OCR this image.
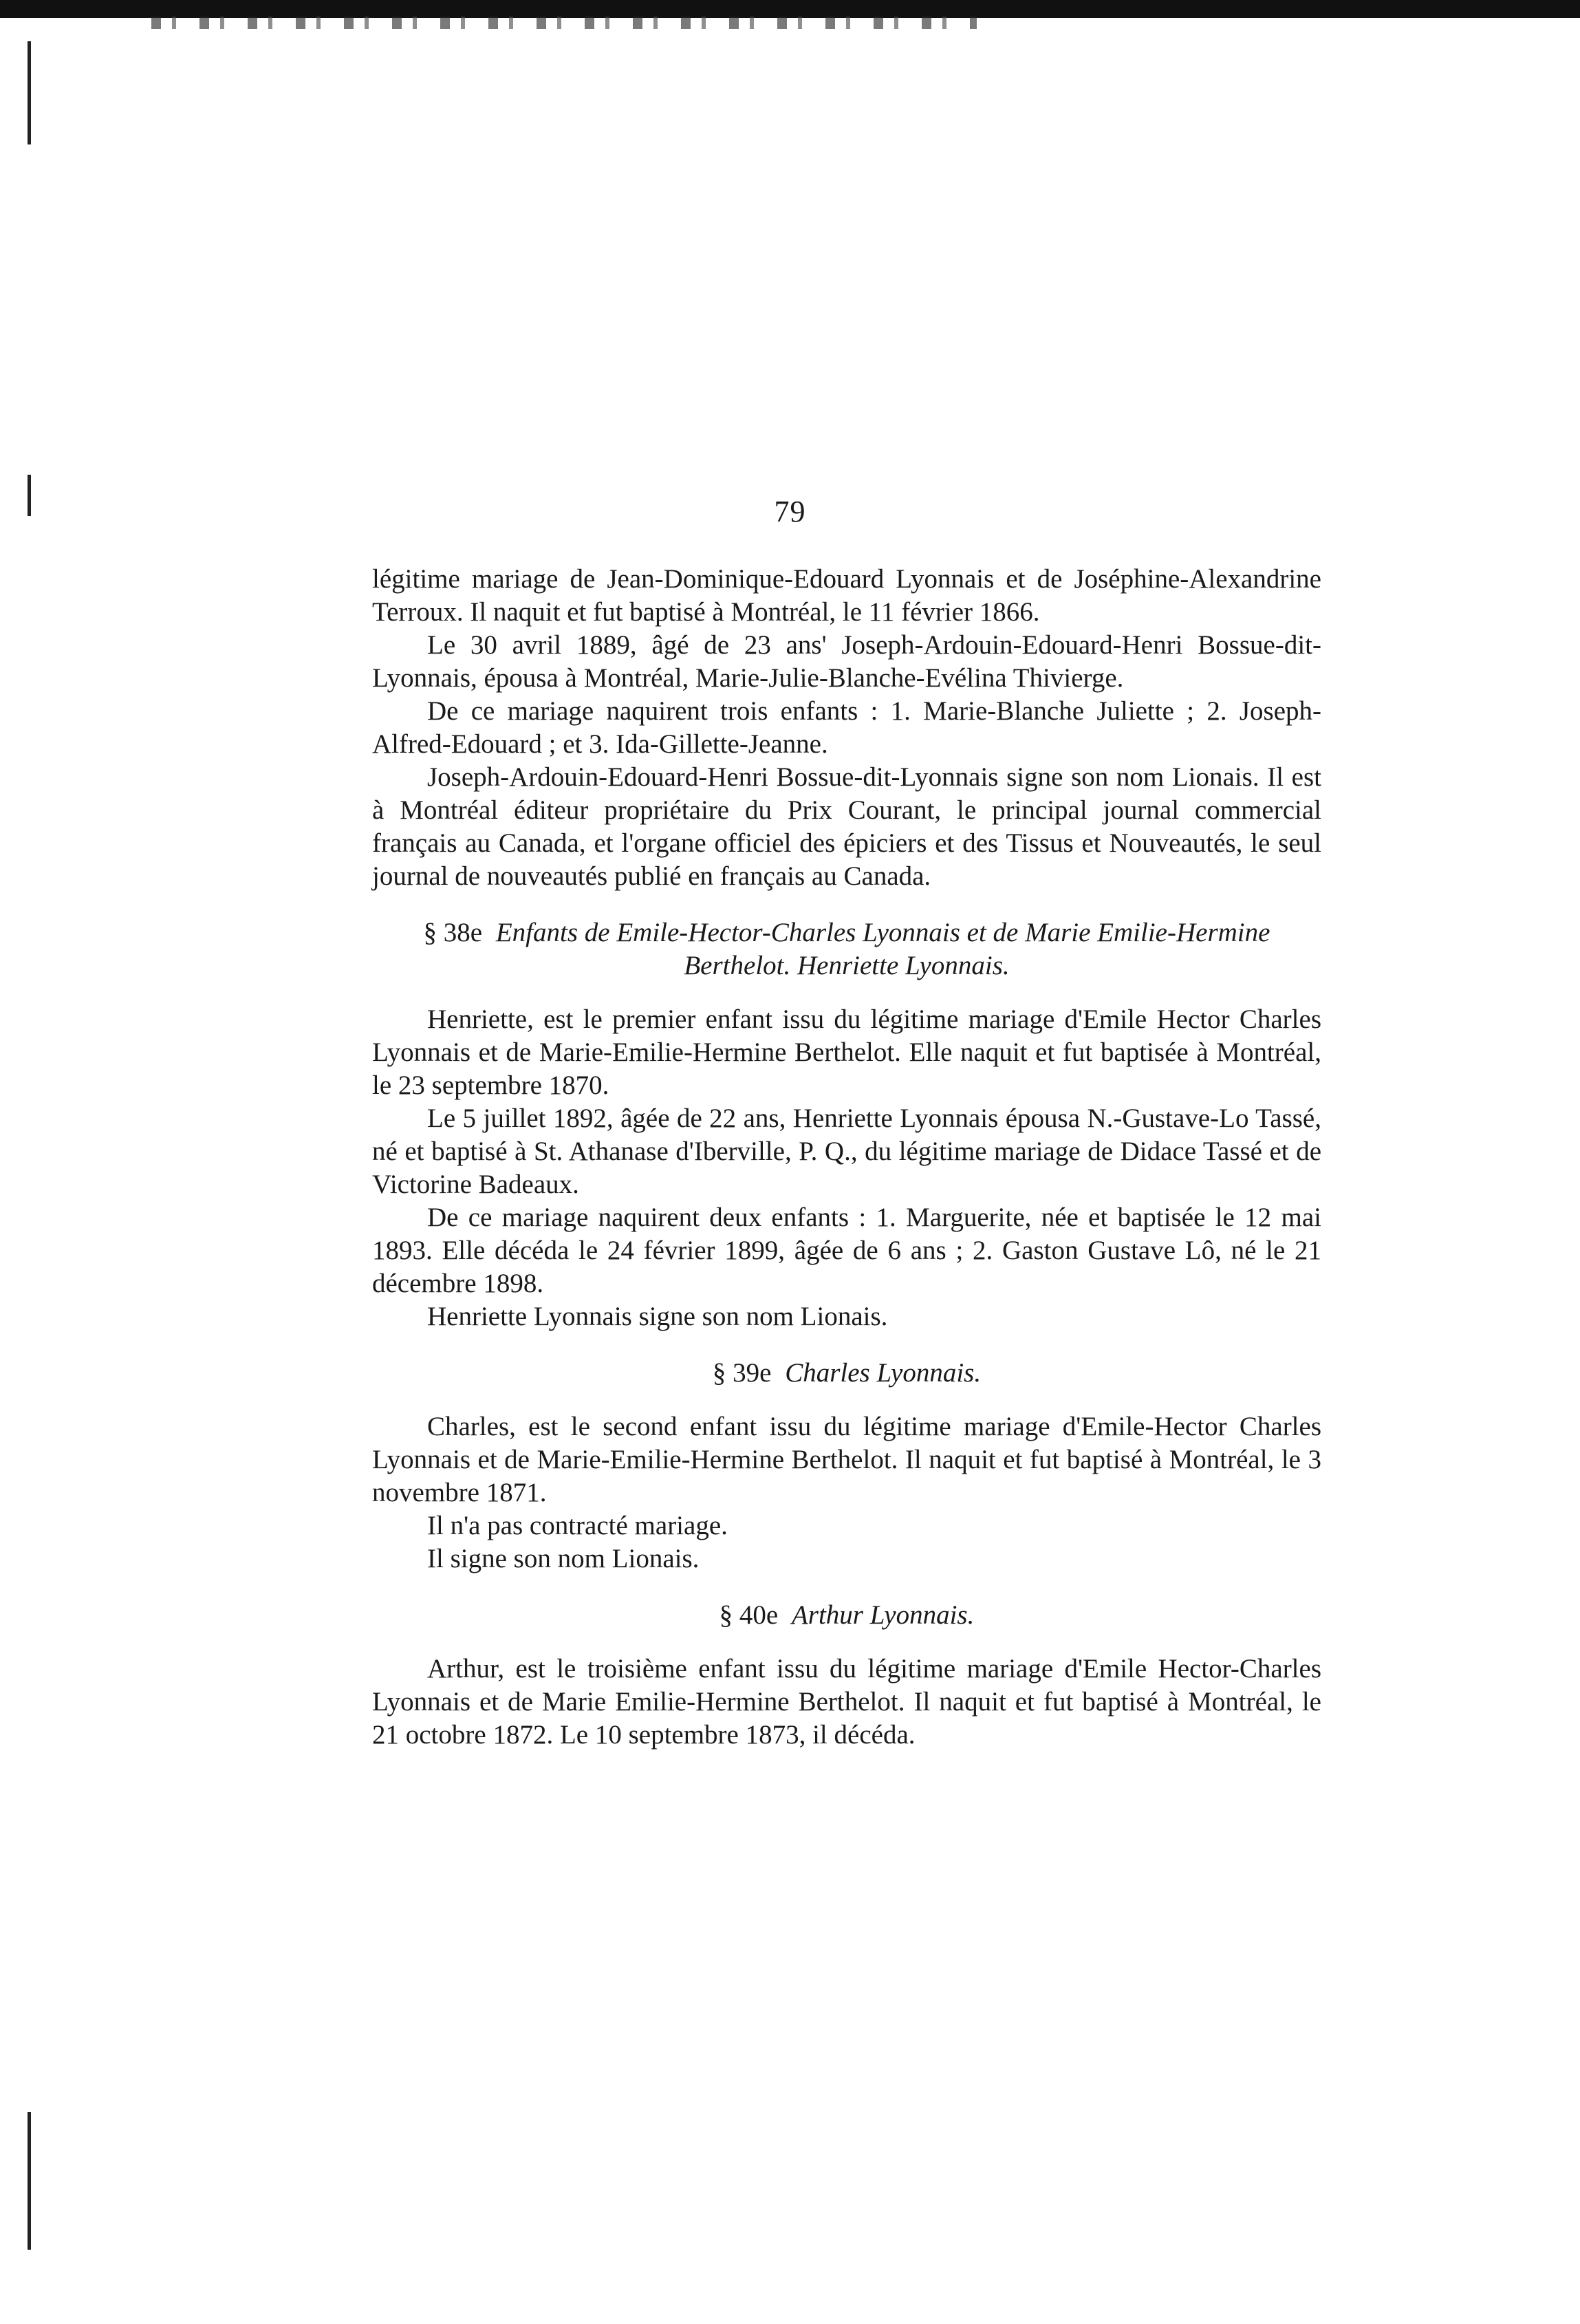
79

légitime mariage de Jean-Dominique-Edouard Lyonnais et de Joséphine-Alexandrine Terroux. Il naquit et fut baptisé à Montréal, le 11 février 1866.

Le 30 avril 1889, âgé de 23 ans' Joseph-Ardouin-Edouard-Henri Bossue-dit-Lyonnais, épousa à Montréal, Marie-Julie-Blanche-Evélina Thivierge.

De ce mariage naquirent trois enfants : 1. Marie-Blanche Juliette ; 2. Joseph-Alfred-Edouard ; et 3. Ida-Gillette-Jeanne.

Joseph-Ardouin-Edouard-Henri Bossue-dit-Lyonnais signe son nom Lionais. Il est à Montréal éditeur propriétaire du Prix Courant, le principal journal commercial français au Canada, et l'organe officiel des épiciers et des Tissus et Nouveautés, le seul journal de nouveautés publié en français au Canada.

§ 38e Enfants de Emile-Hector-Charles Lyonnais et de Marie Emilie-Hermine Berthelot. Henriette Lyonnais.

Henriette, est le premier enfant issu du légitime mariage d'Emile Hector Charles Lyonnais et de Marie-Emilie-Hermine Berthelot. Elle naquit et fut baptisée à Montréal, le 23 septembre 1870.

Le 5 juillet 1892, âgée de 22 ans, Henriette Lyonnais épousa N.-Gustave-Lo Tassé, né et baptisé à St. Athanase d'Iberville, P. Q., du légitime mariage de Didace Tassé et de Victorine Badeaux.

De ce mariage naquirent deux enfants : 1. Marguerite, née et baptisée le 12 mai 1893. Elle décéda le 24 février 1899, âgée de 6 ans ; 2. Gaston Gustave Lô, né le 21 décembre 1898.

Henriette Lyonnais signe son nom Lionais.

§ 39e Charles Lyonnais.

Charles, est le second enfant issu du légitime mariage d'Emile-Hector Charles Lyonnais et de Marie-Emilie-Hermine Berthelot. Il naquit et fut baptisé à Montréal, le 3 novembre 1871.

Il n'a pas contracté mariage.

Il signe son nom Lionais.

§ 40e Arthur Lyonnais.

Arthur, est le troisième enfant issu du légitime mariage d'Emile Hector-Charles Lyonnais et de Marie Emilie-Hermine Berthelot. Il naquit et fut baptisé à Montréal, le 21 octobre 1872. Le 10 septembre 1873, il décéda.
